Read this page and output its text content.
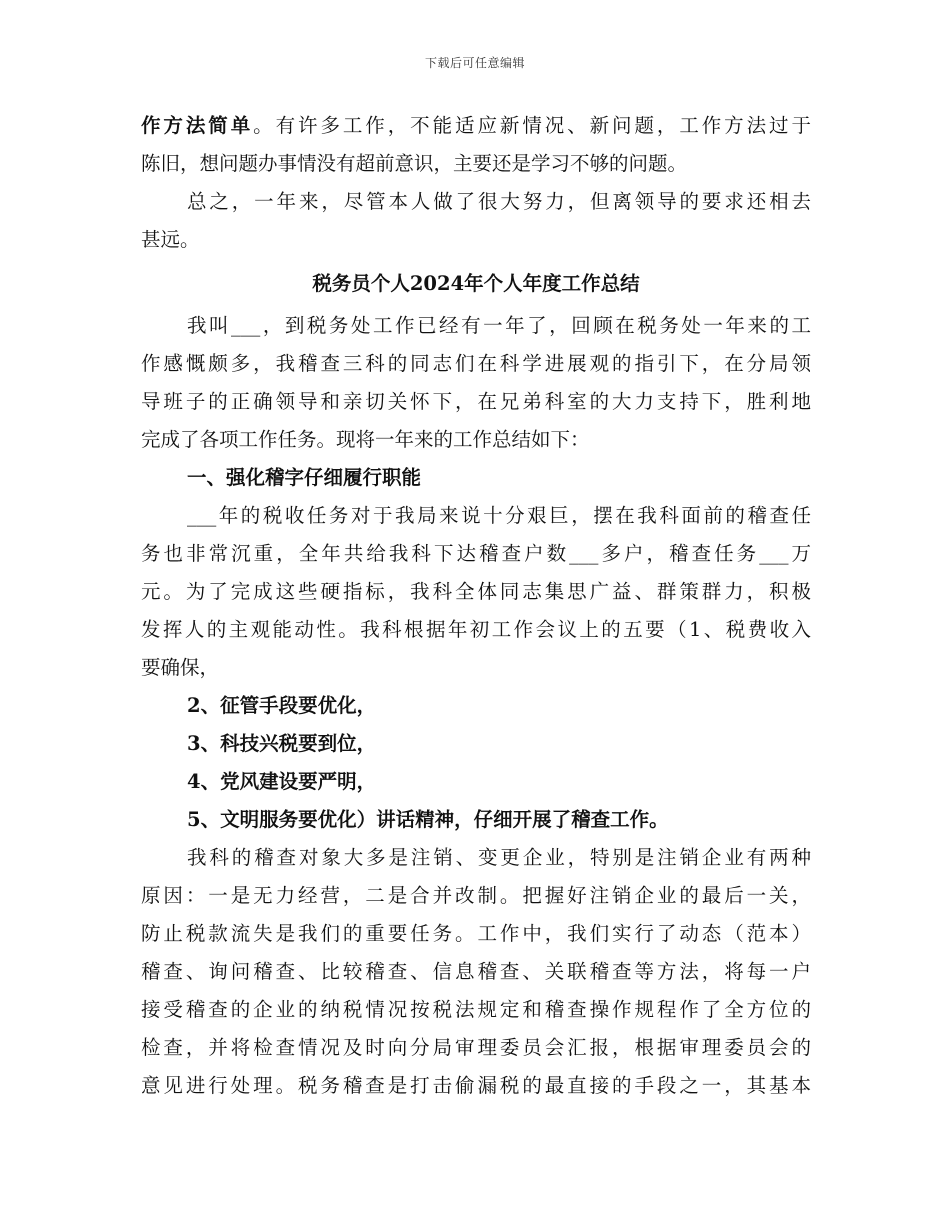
下载后可任意编辑
作方法简单。有许多工作，不能适应新情况、新问题，工作方法过于
陈旧，想问题办事情没有超前意识，主要还是学习不够的问题。
总之，一年来，尽管本人做了很大努力，但离领导的要求还相去
甚远。
税务员个人2024年个人年度工作总结
我叫___，到税务处工作已经有一年了，回顾在税务处一年来的工
作感慨颇多，我稽查三科的同志们在科学进展观的指引下，在分局领
导班子的正确领导和亲切关怀下，在兄弟科室的大力支持下，胜利地
完成了各项工作任务。现将一年来的工作总结如下：
一、强化稽字仔细履行职能
___年的税收任务对于我局来说十分艰巨，摆在我科面前的稽查任
务也非常沉重，全年共给我科下达稽查户数___多户，稽查任务___万
元。为了完成这些硬指标，我科全体同志集思广益、群策群力，积极
发挥人的主观能动性。我科根据年初工作会议上的五要（1、税费收入
要确保，
2、征管手段要优化，
3、科技兴税要到位，
4、党风建设要严明，
5、文明服务要优化）讲话精神，仔细开展了稽查工作。
我科的稽查对象大多是注销、变更企业，特别是注销企业有两种
原因：一是无力经营，二是合并改制。把握好注销企业的最后一关，
防止税款流失是我们的重要任务。工作中，我们实行了动态（范本）
稽查、询问稽查、比较稽查、信息稽查、关联稽查等方法，将每一户
接受稽查的企业的纳税情况按税法规定和稽查操作规程作了全方位的
检查，并将检查情况及时向分局审理委员会汇报，根据审理委员会的
意见进行处理。税务稽查是打击偷漏税的最直接的手段之一，其基本
